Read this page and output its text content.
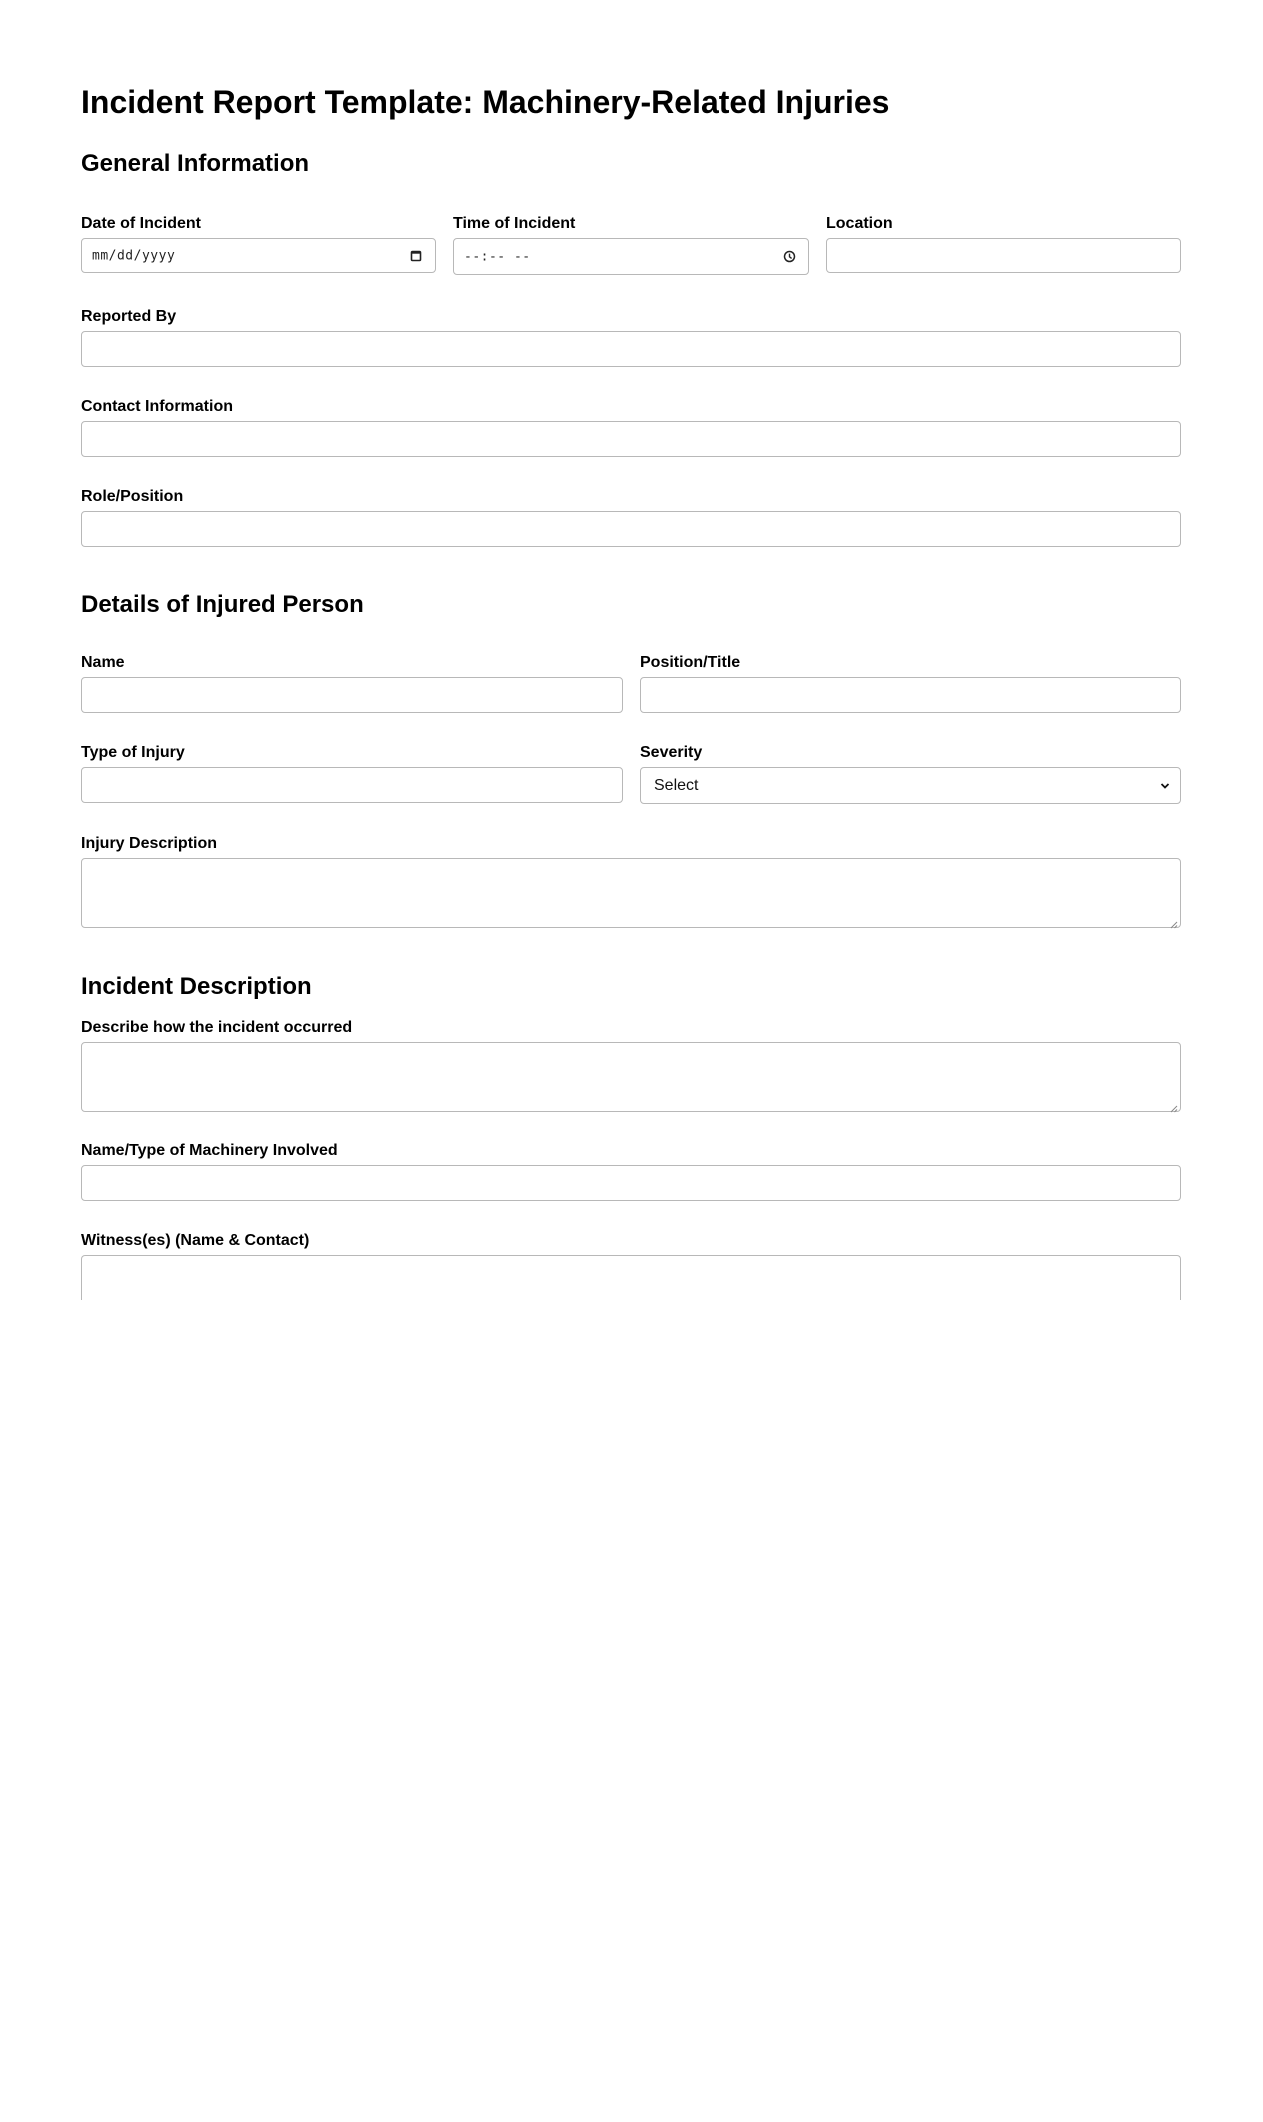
Incident Report Template: Machinery-Related Injuries
General Information
Date of Incident
mm/dd/yyyy
Time of Incident
--:-- --
Location
Reported By
Contact Information
Role/Position
Details of Injured Person
Name	Position/Title
Type of Injury	Severity
Select
Injury Description
Incident Description
Describe how the incident occurred
Name/Type of Machinery Involved
Witness(es) (Name & Contact)
